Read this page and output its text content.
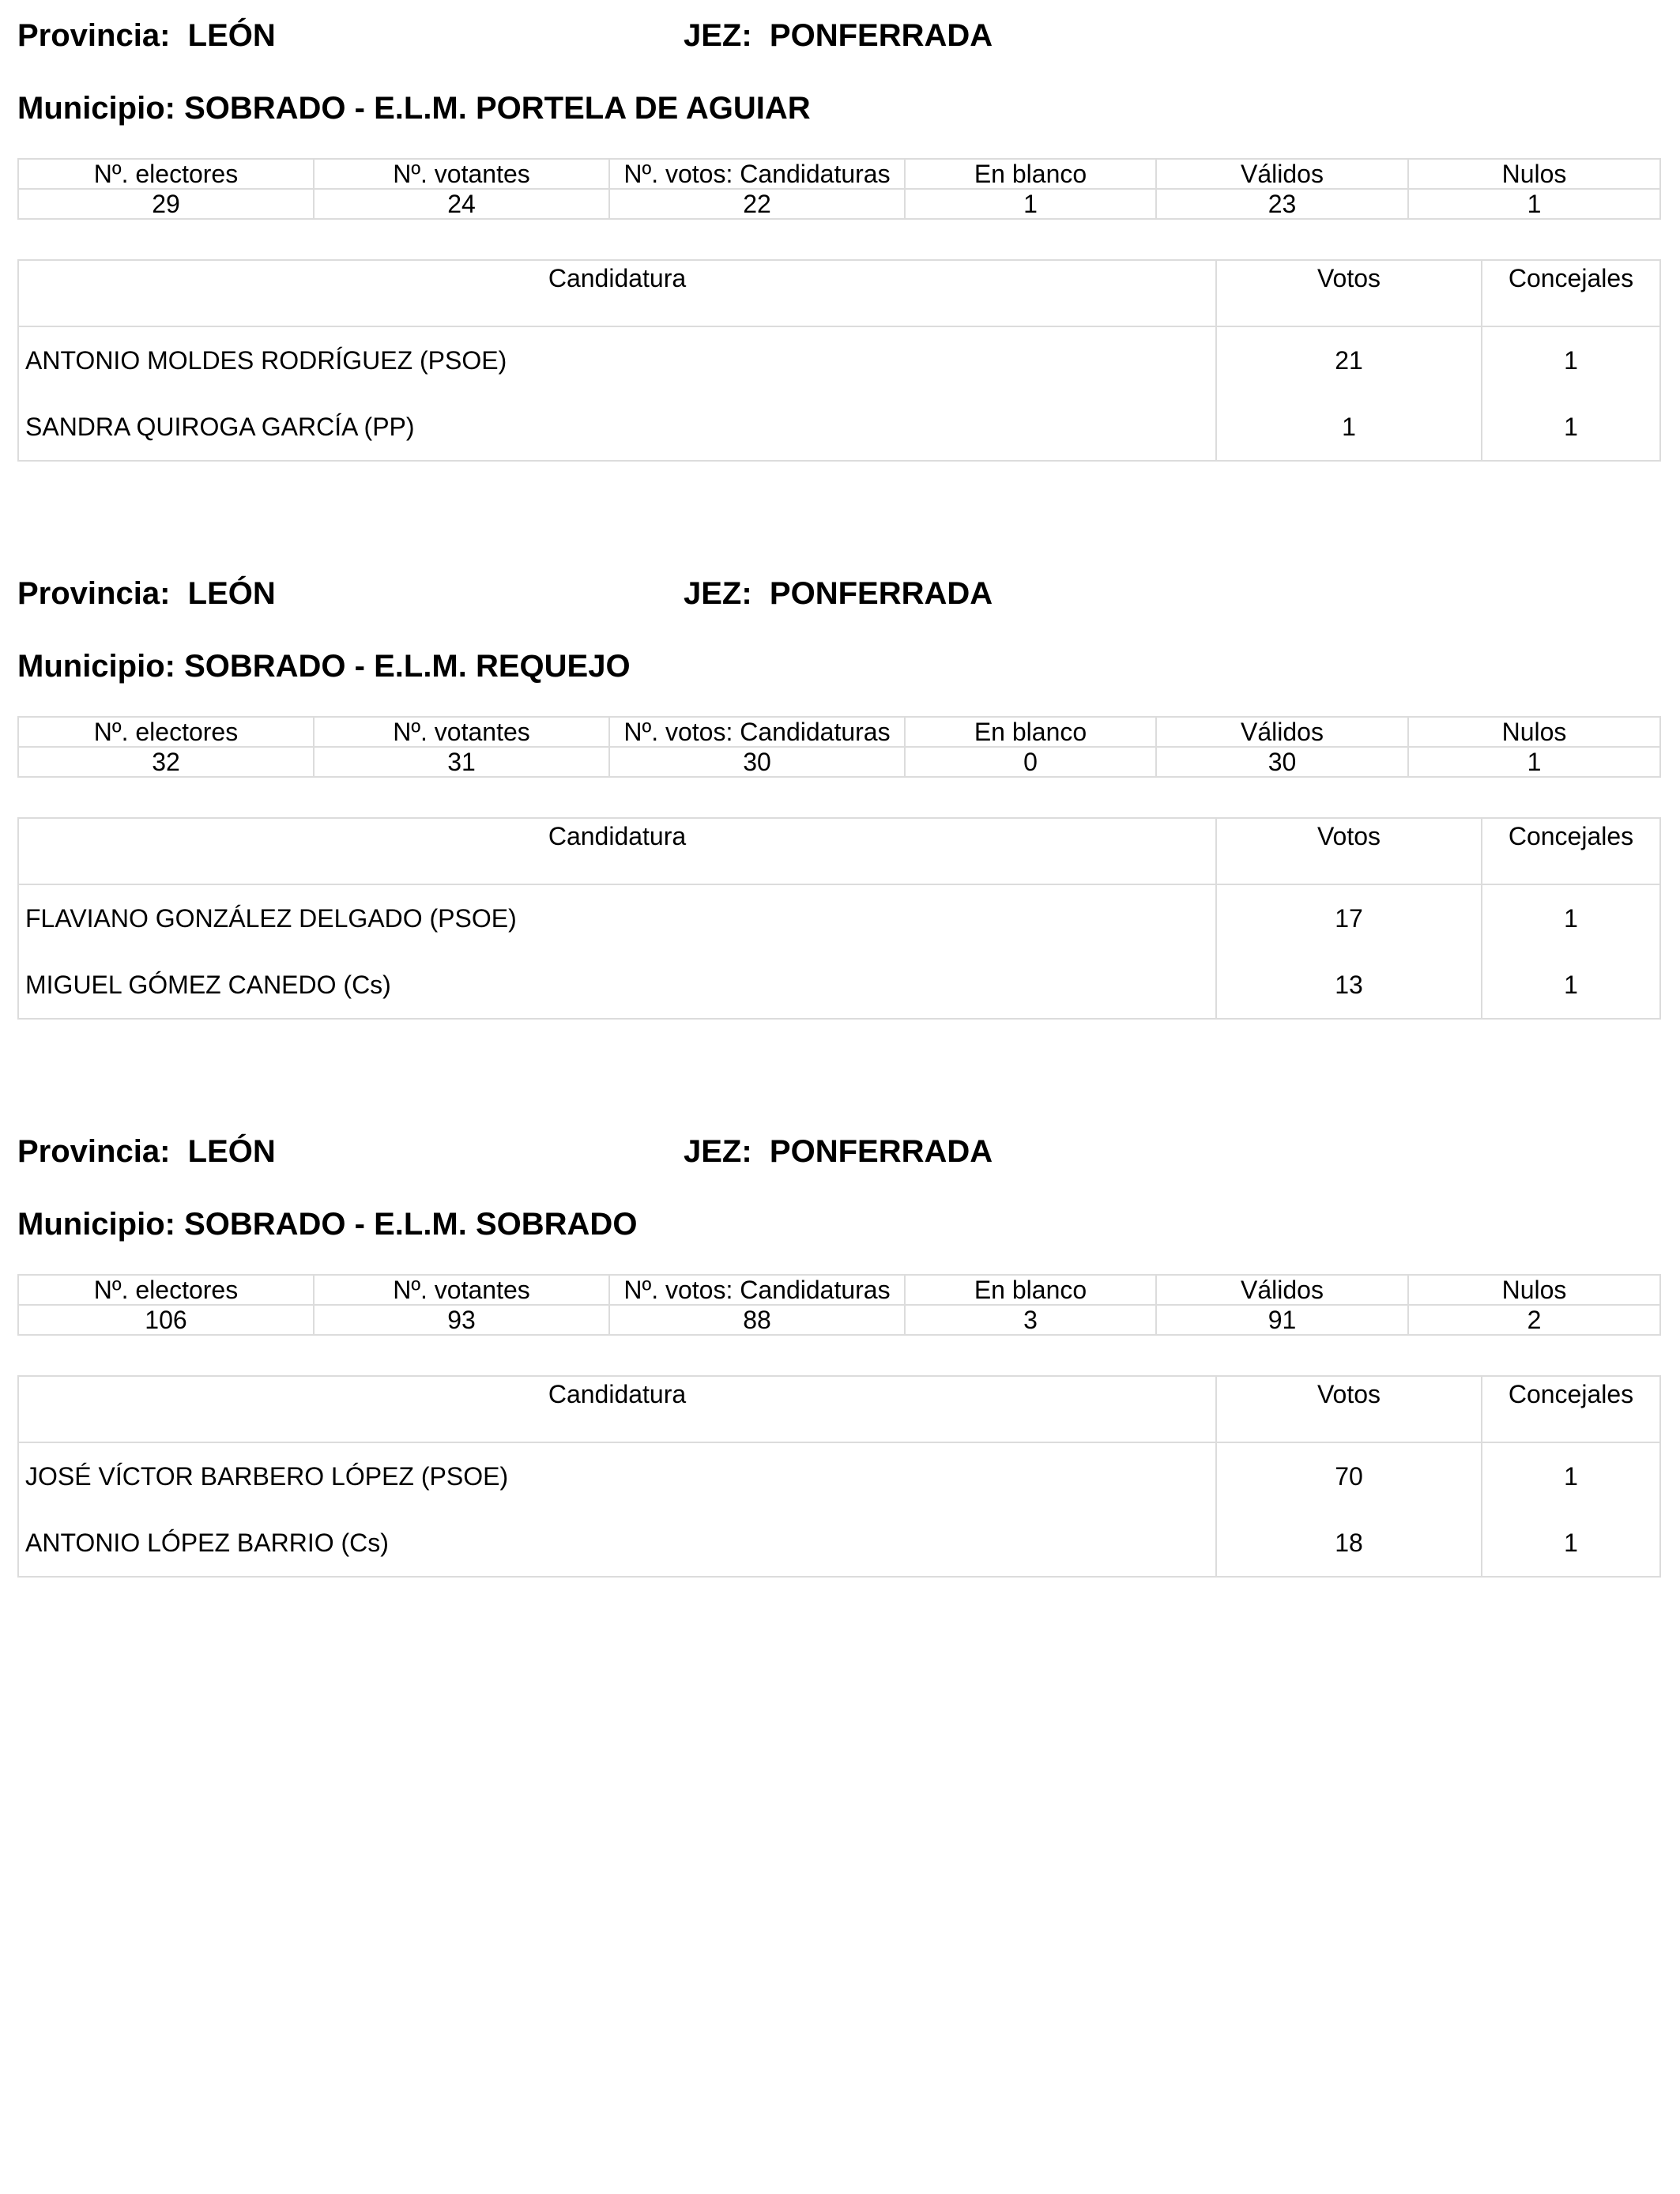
Provincia: LEÓN	JEZ: PONFERRADA
Municipio: SOBRADO - E.L.M. PORTELA DE AGUIAR
Nº. electores	Nº. votantes	Nº. votos: Candidaturas	En blanco	Válidos	Nulos
29	24	22	1	23	1
Candidatura	Votos	Concejales
ANTONIO MOLDES RODRÍGUEZ (PSOE)	21	1
SANDRA QUIROGA GARCÍA (PP)	1	1
Provincia: LEÓN	JEZ: PONFERRADA
Municipio: SOBRADO - E.L.M. REQUEJO
Nº. electores	Nº. votantes	Nº. votos: Candidaturas	En blanco	Válidos	Nulos
32	31	30	0	30	1
Candidatura	Votos	Concejales
FLAVIANO GONZÁLEZ DELGADO (PSOE)	17	1
MIGUEL GÓMEZ CANEDO (Cs)	13	1
Provincia: LEÓN	JEZ: PONFERRADA
Municipio: SOBRADO - E.L.M. SOBRADO
Nº. electores	Nº. votantes	Nº. votos: Candidaturas	En blanco	Válidos	Nulos
106	93	88	3	91	2
Candidatura	Votos	Concejales
JOSÉ VÍCTOR BARBERO LÓPEZ (PSOE)	70	1
ANTONIO LÓPEZ BARRIO (Cs)	18	1
